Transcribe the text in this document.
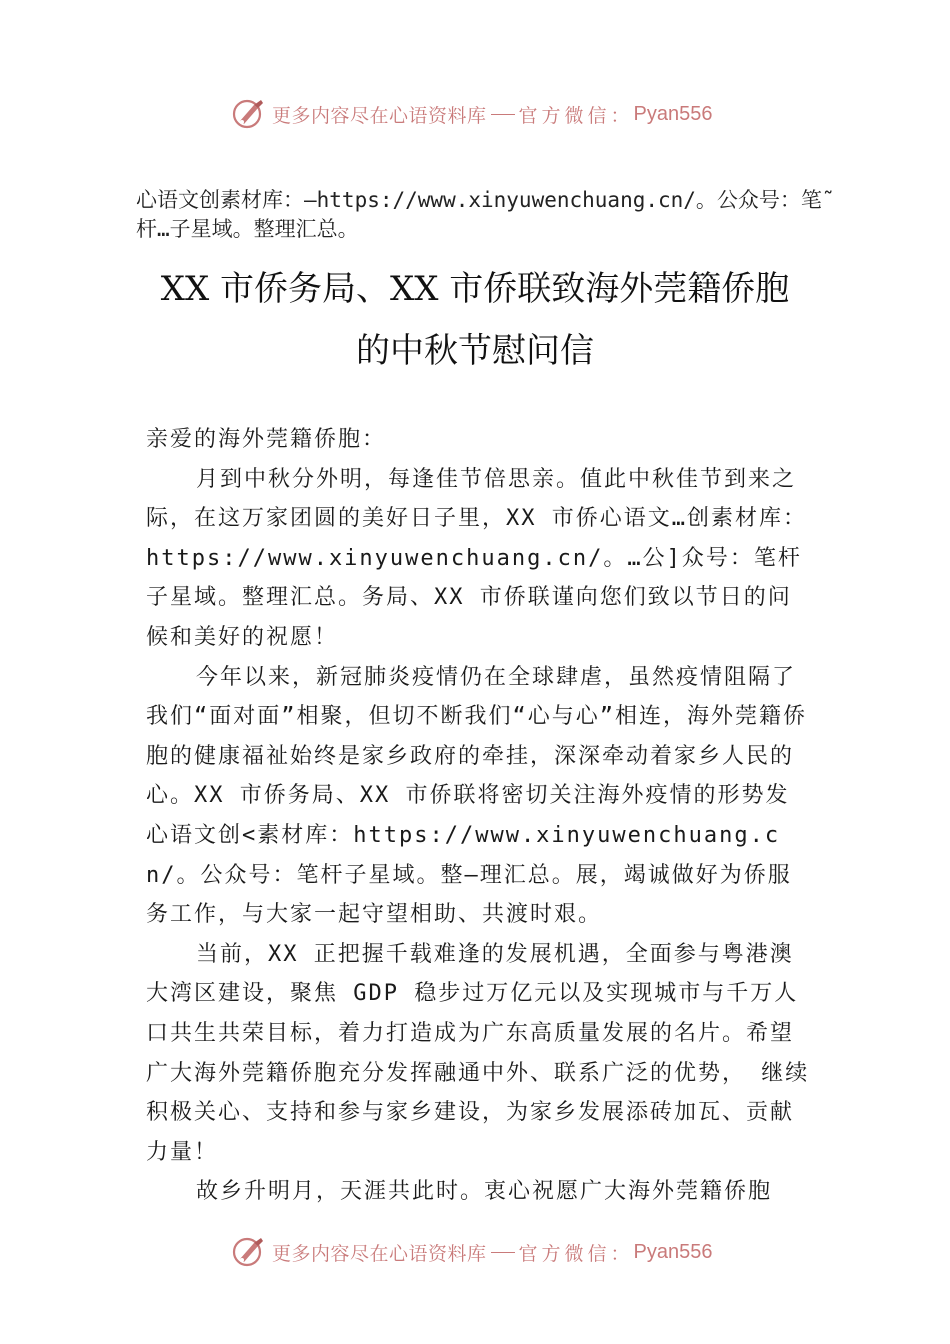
更多内容尽在心语资料库 官方微信： Pyan556
心语文创素材库：—https://www.xinyuwenchuang.cn/。公众号：笔˜杆…子星域。整理汇总。
XX 市侨务局、XX 市侨联致海外莞籍侨胞
的中秋节慰问信

亲爱的海外莞籍侨胞：

月到中秋分外明，每逢佳节倍思亲。值此中秋佳节到来之际，在这万家团圆的美好日子里，XX 市侨心语文…创素材库：https://www.xinyuwenchuang.cn/。…公]众号：笔杆子星域。整理汇总。务局、XX 市侨联谨向您们致以节日的问候和美好的祝愿！

今年以来，新冠肺炎疫情仍在全球肆虐，虽然疫情阻隔了我们“面对面”相聚，但切不断我们“心与心”相连，海外莞籍侨胞的健康福祉始终是家乡政府的牵挂，深深牵动着家乡人民的心。XX 市侨务局、XX 市侨联将密切关注海外疫情的形势发心语文创<素材库：https://www.xinyuwenchuang.cn/。公众号：笔杆子星域。整—理汇总。展，竭诚做好为侨服务工作，与大家一起守望相助、共渡时艰。

当前，XX 正把握千载难逢的发展机遇，全面参与粤港澳大湾区建设，聚焦 GDP 稳步过万亿元以及实现城市与千万人口共生共荣目标，着力打造成为广东高质量发展的名片。希望广大海外莞籍侨胞充分发挥融通中外、联系广泛的优势， 继续积极关心、支持和参与家乡建设，为家乡发展添砖加瓦、贡献力量！

故乡升明月，天涯共此时。衷心祝愿广大海外莞籍侨胞

更多内容尽在心语资料库 官方微信： Pyan556
